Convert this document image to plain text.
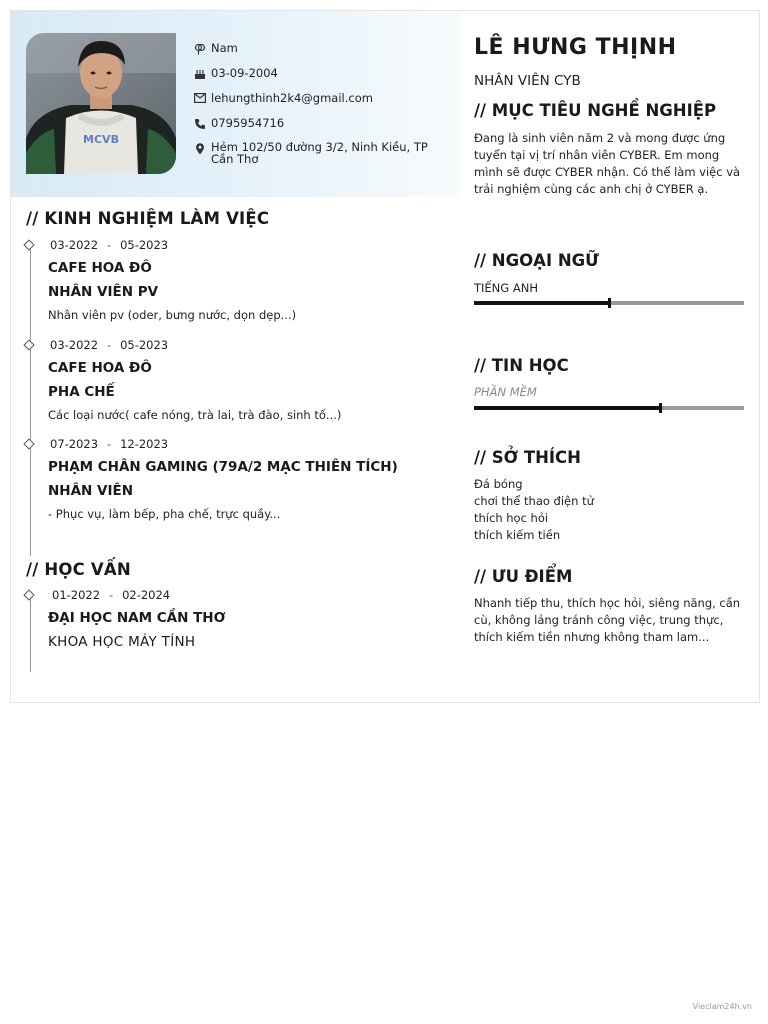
MCVB
Nam
03-09-2004
lehungthinh2k4@gmail.com
0795954716
Hẻm 102/50 đường 3/2, Ninh Kiều, TP Cần Thơ
// KINH NGHIỆM LÀM VIỆC
03-2022 - 05-2023
CAFE HOA ĐÔ
NHÂN VIÊN PV
Nhân viên pv (oder, bưng nước, dọn dẹp...)
03-2022 - 05-2023
CAFE HOA ĐÔ
PHA CHẾ
Các loại nước( cafe nóng, trà lai, trà đào, sinh tố...)
07-2023 - 12-2023
PHẠM CHÂN GAMING (79A/2 MẠC THIÊN TÍCH)
NHÂN VIÊN
- Phục vụ, làm bếp, pha chế, trực quầy...
// HỌC VẤN
01-2022 - 02-2024
ĐẠI HỌC NAM CẦN THƠ
KHOA HỌC MÁY TÍNH
LÊ HƯNG THỊNH
NHÂN VIÊN CYB
// MỤC TIÊU NGHỀ NGHIỆP
Đang là sinh viên năm 2 và mong được ứng tuyển tại vị trí nhân viên CYBER. Em mong mình sẽ được CYBER nhận. Có thể làm việc và trải nghiệm cùng các anh chị ở CYBER ạ.
// NGOẠI NGỮ
TIẾNG ANH
// TIN HỌC
PHẦN MỀM
// SỞ THÍCH
Đá bóng
chơi thể thao điện tử
thích học hỏi
thích kiếm tiền
// ƯU ĐIỂM
Nhanh tiếp thu, thích học hỏi, siêng năng, cần cù, không lảng tránh công việc, trung thực, thích kiếm tiền nhưng không tham lam...
Vieclam24h.vn
